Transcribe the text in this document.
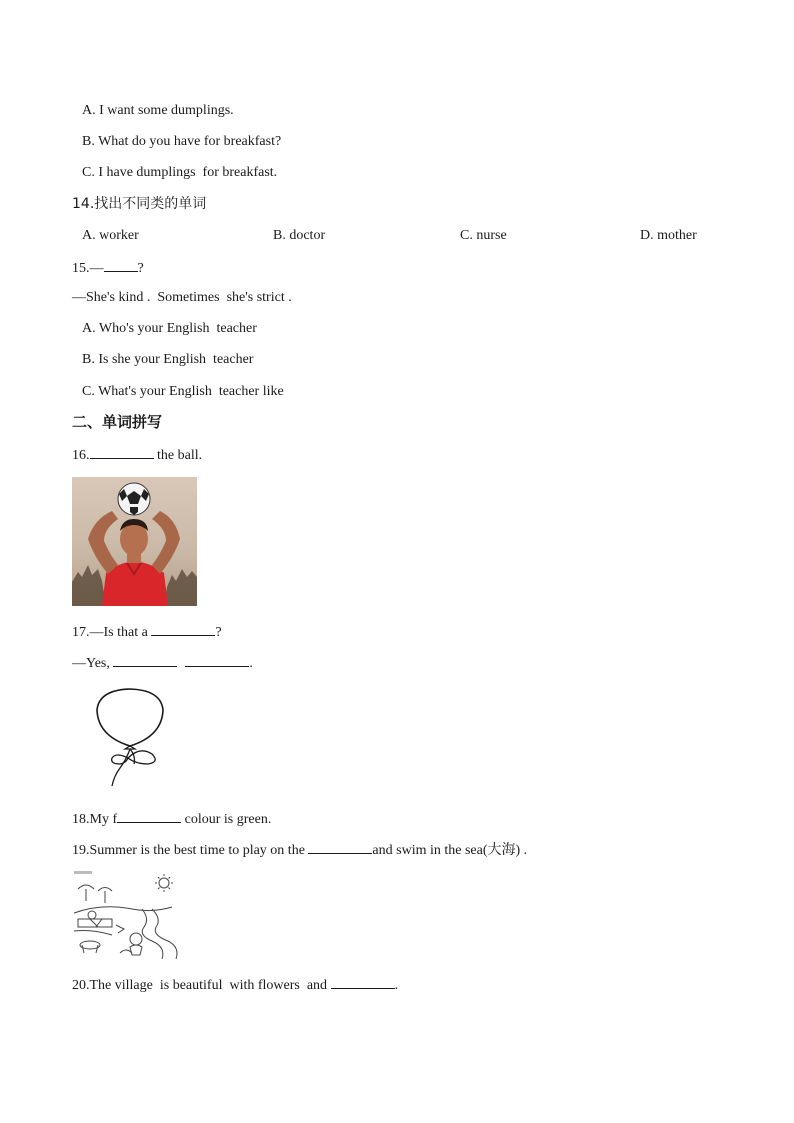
A. I want some dumplings.
B. What do you have for breakfast?
C. I have dumplings  for breakfast.
14.找出不同类的单词
A. worker	B. doctor	C. nurse	D. mother
15.— ?
—She's kind .  Sometimes  she's strict .
A. Who's your English  teacher
B. Is she your English  teacher
C. What's your English  teacher like
二、单词拼写
16.	the ball.
17.—Is that a	?
—Yes,	.
18.My f	colour is green.
19.Summer is the best time to play on the	and swim in the sea(大海) .
20.The village  is beautiful  with flowers  and	.
